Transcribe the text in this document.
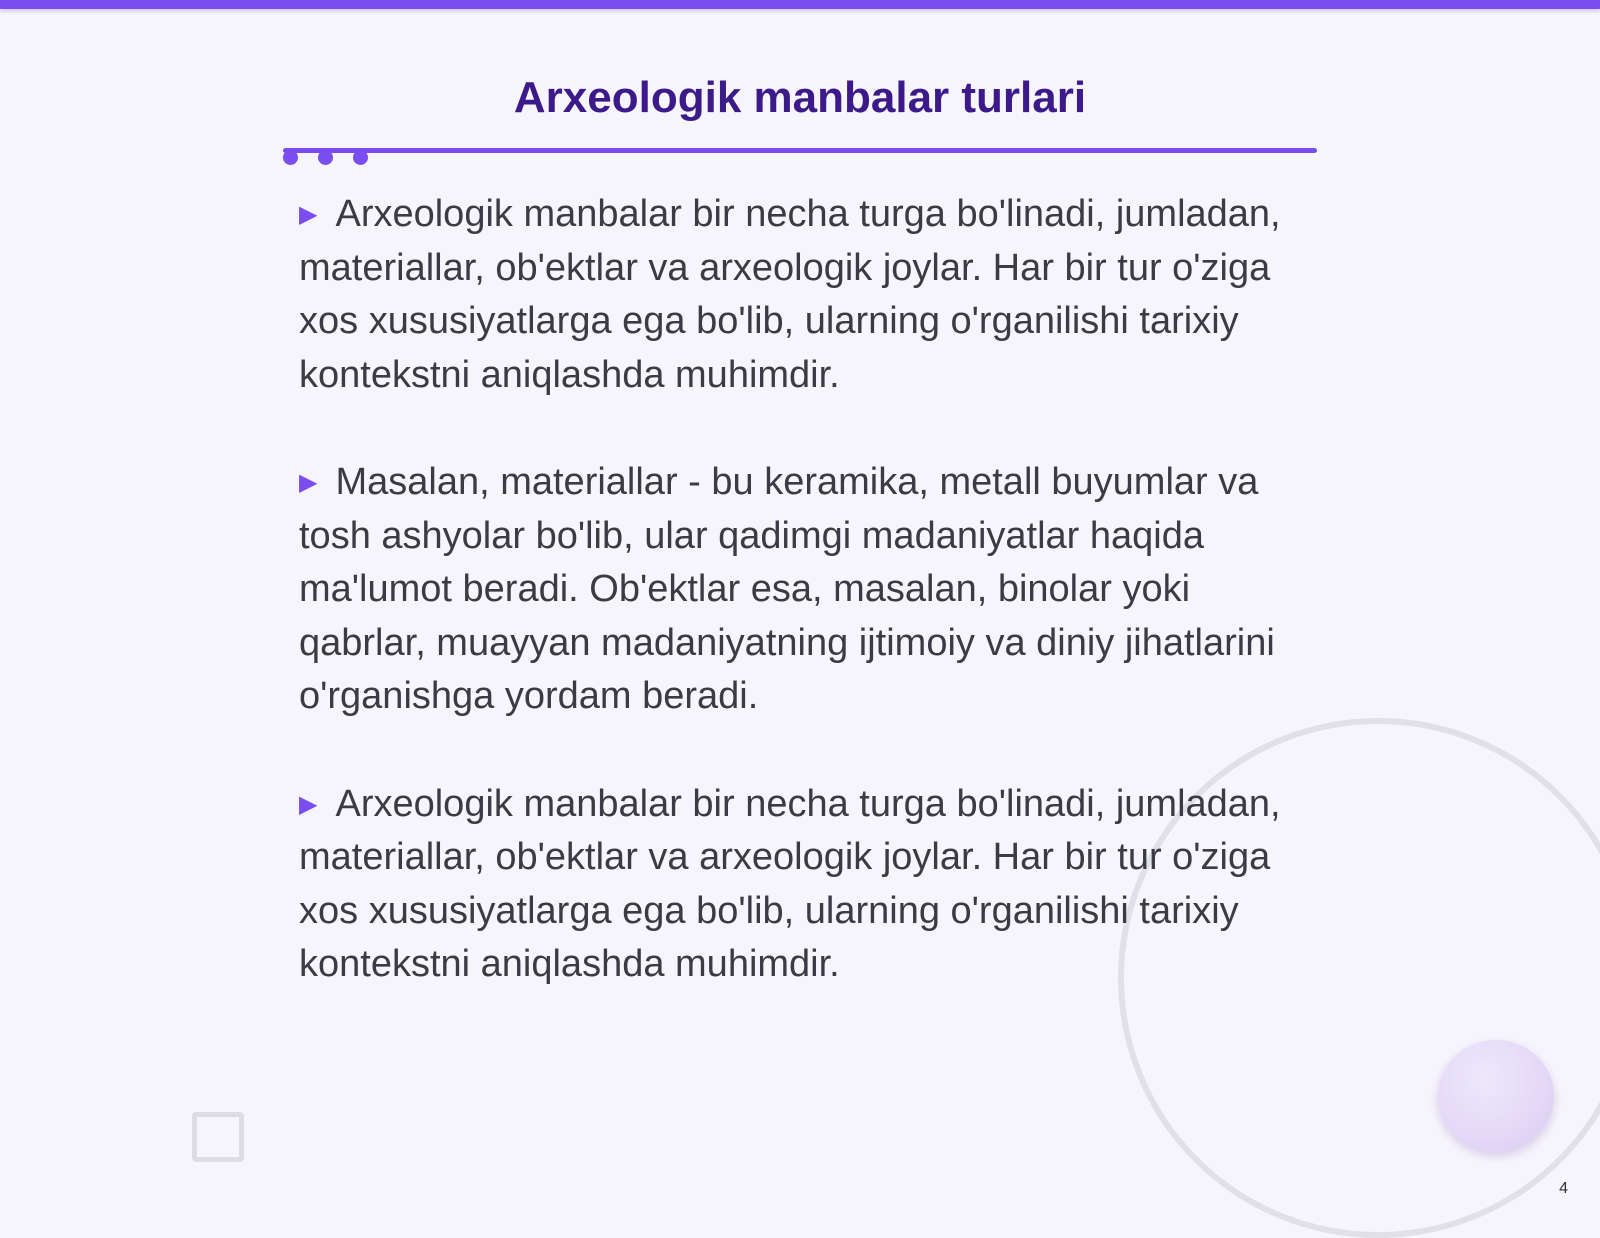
Arxeologik manbalar turlari

▶ Arxeologik manbalar bir necha turga bo'linadi, jumladan, materiallar, ob'ektlar va arxeologik joylar. Har bir tur o'ziga xos xususiyatlarga ega bo'lib, ularning o'rganilishi tarixiy kontekstni aniqlashda muhimdir.

▶ Masalan, materiallar - bu keramika, metall buyumlar va tosh ashyolar bo'lib, ular qadimgi madaniyatlar haqida ma'lumot beradi. Ob'ektlar esa, masalan, binolar yoki qabrlar, muayyan madaniyatning ijtimoiy va diniy jihatlarini o'rganishga yordam beradi.

▶ Arxeologik manbalar bir necha turga bo'linadi, jumladan, materiallar, ob'ektlar va arxeologik joylar. Har bir tur o'ziga xos xususiyatlarga ega bo'lib, ularning o'rganilishi tarixiy kontekstni aniqlashda muhimdir.

4
